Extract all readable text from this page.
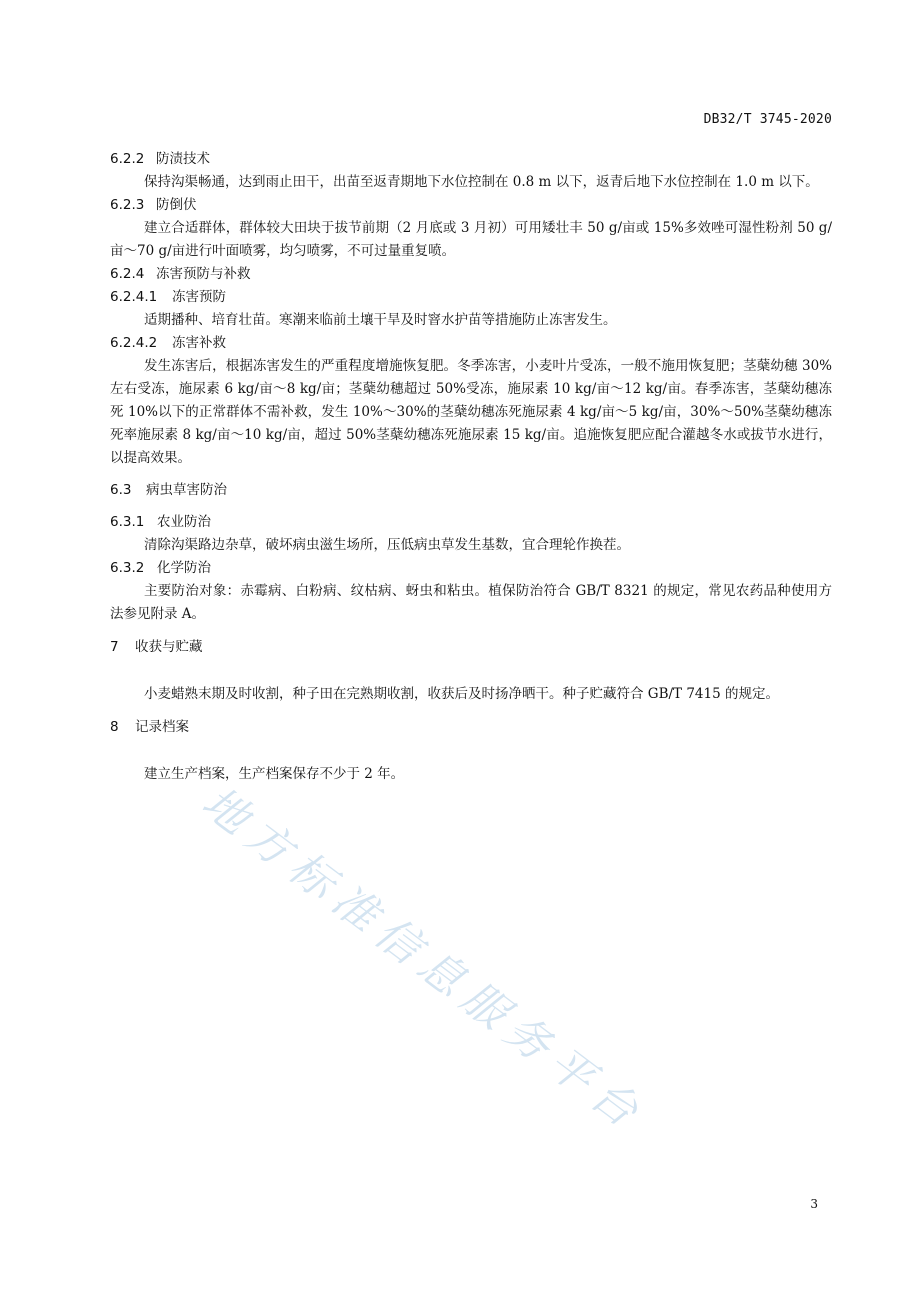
DB32/T 3745-2020
6.2.2 防渍技术

保持沟渠畅通，达到雨止田干，出苗至返青期地下水位控制在 0.8 m 以下，返青后地下水位控制在 1.0 m 以下。

6.2.3 防倒伏

建立合适群体，群体较大田块于拔节前期（2 月底或 3 月初）可用矮壮丰 50 g/亩或 15%多效唑可湿性粉剂 50 g/亩～70 g/亩进行叶面喷雾，均匀喷雾，不可过量重复喷。

6.2.4 冻害预防与补救
6.2.4.1 冻害预防

适期播种、培育壮苗。寒潮来临前土壤干旱及时窨水护苗等措施防止冻害发生。

6.2.4.2 冻害补救

发生冻害后，根据冻害发生的严重程度增施恢复肥。冬季冻害，小麦叶片受冻，一般不施用恢复肥；茎蘖幼穗 30%左右受冻，施尿素 6 kg/亩～8 kg/亩；茎蘖幼穗超过 50%受冻，施尿素 10 kg/亩～12 kg/亩。春季冻害，茎蘖幼穗冻死 10%以下的正常群体不需补救，发生 10%～30%的茎蘖幼穗冻死施尿素 4 kg/亩～5 kg/亩，30%～50%茎蘖幼穗冻死率施尿素 8 kg/亩～10 kg/亩，超过 50%茎蘖幼穗冻死施尿素 15 kg/亩。追施恢复肥应配合灌越冬水或拔节水进行，以提高效果。

6.3 病虫草害防治
6.3.1 农业防治

清除沟渠路边杂草，破坏病虫滋生场所，压低病虫草发生基数，宜合理轮作换茬。

6.3.2 化学防治

主要防治对象：赤霉病、白粉病、纹枯病、蚜虫和粘虫。植保防治符合 GB/T 8321 的规定，常见农药品种使用方法参见附录 A。

7 收获与贮藏

小麦蜡熟末期及时收割，种子田在完熟期收割，收获后及时扬净晒干。种子贮藏符合 GB/T 7415 的规定。

8 记录档案

建立生产档案，生产档案保存不少于 2 年。

地方标准信息服务平台
3
